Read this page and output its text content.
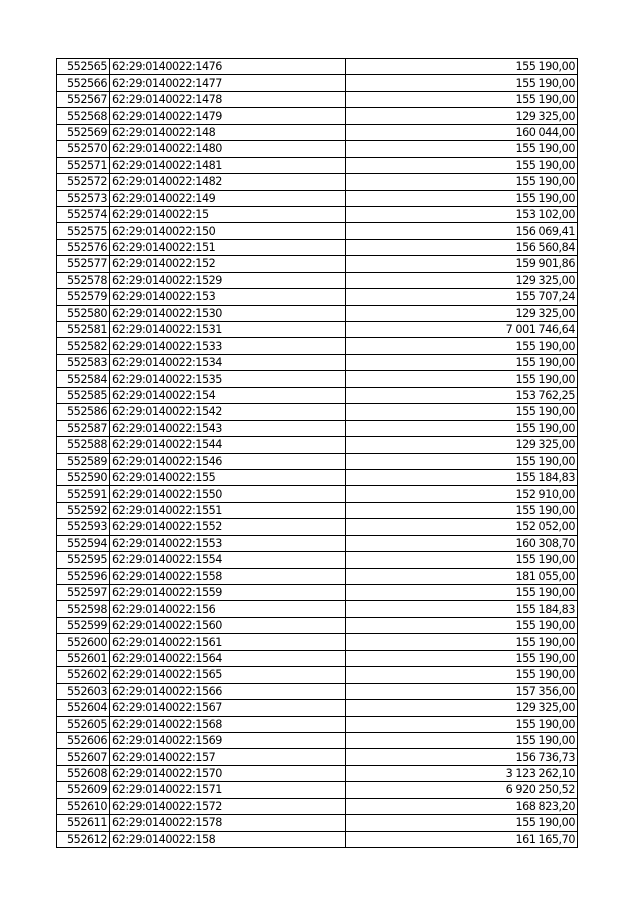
552565	62:29:0140022:1476	155 190,00
552566	62:29:0140022:1477	155 190,00
552567	62:29:0140022:1478	155 190,00
552568	62:29:0140022:1479	129 325,00
552569	62:29:0140022:148	160 044,00
552570	62:29:0140022:1480	155 190,00
552571	62:29:0140022:1481	155 190,00
552572	62:29:0140022:1482	155 190,00
552573	62:29:0140022:149	155 190,00
552574	62:29:0140022:15	153 102,00
552575	62:29:0140022:150	156 069,41
552576	62:29:0140022:151	156 560,84
552577	62:29:0140022:152	159 901,86
552578	62:29:0140022:1529	129 325,00
552579	62:29:0140022:153	155 707,24
552580	62:29:0140022:1530	129 325,00
552581	62:29:0140022:1531	7 001 746,64
552582	62:29:0140022:1533	155 190,00
552583	62:29:0140022:1534	155 190,00
552584	62:29:0140022:1535	155 190,00
552585	62:29:0140022:154	153 762,25
552586	62:29:0140022:1542	155 190,00
552587	62:29:0140022:1543	155 190,00
552588	62:29:0140022:1544	129 325,00
552589	62:29:0140022:1546	155 190,00
552590	62:29:0140022:155	155 184,83
552591	62:29:0140022:1550	152 910,00
552592	62:29:0140022:1551	155 190,00
552593	62:29:0140022:1552	152 052,00
552594	62:29:0140022:1553	160 308,70
552595	62:29:0140022:1554	155 190,00
552596	62:29:0140022:1558	181 055,00
552597	62:29:0140022:1559	155 190,00
552598	62:29:0140022:156	155 184,83
552599	62:29:0140022:1560	155 190,00
552600	62:29:0140022:1561	155 190,00
552601	62:29:0140022:1564	155 190,00
552602	62:29:0140022:1565	155 190,00
552603	62:29:0140022:1566	157 356,00
552604	62:29:0140022:1567	129 325,00
552605	62:29:0140022:1568	155 190,00
552606	62:29:0140022:1569	155 190,00
552607	62:29:0140022:157	156 736,73
552608	62:29:0140022:1570	3 123 262,10
552609	62:29:0140022:1571	6 920 250,52
552610	62:29:0140022:1572	168 823,20
552611	62:29:0140022:1578	155 190,00
552612	62:29:0140022:158	161 165,70
